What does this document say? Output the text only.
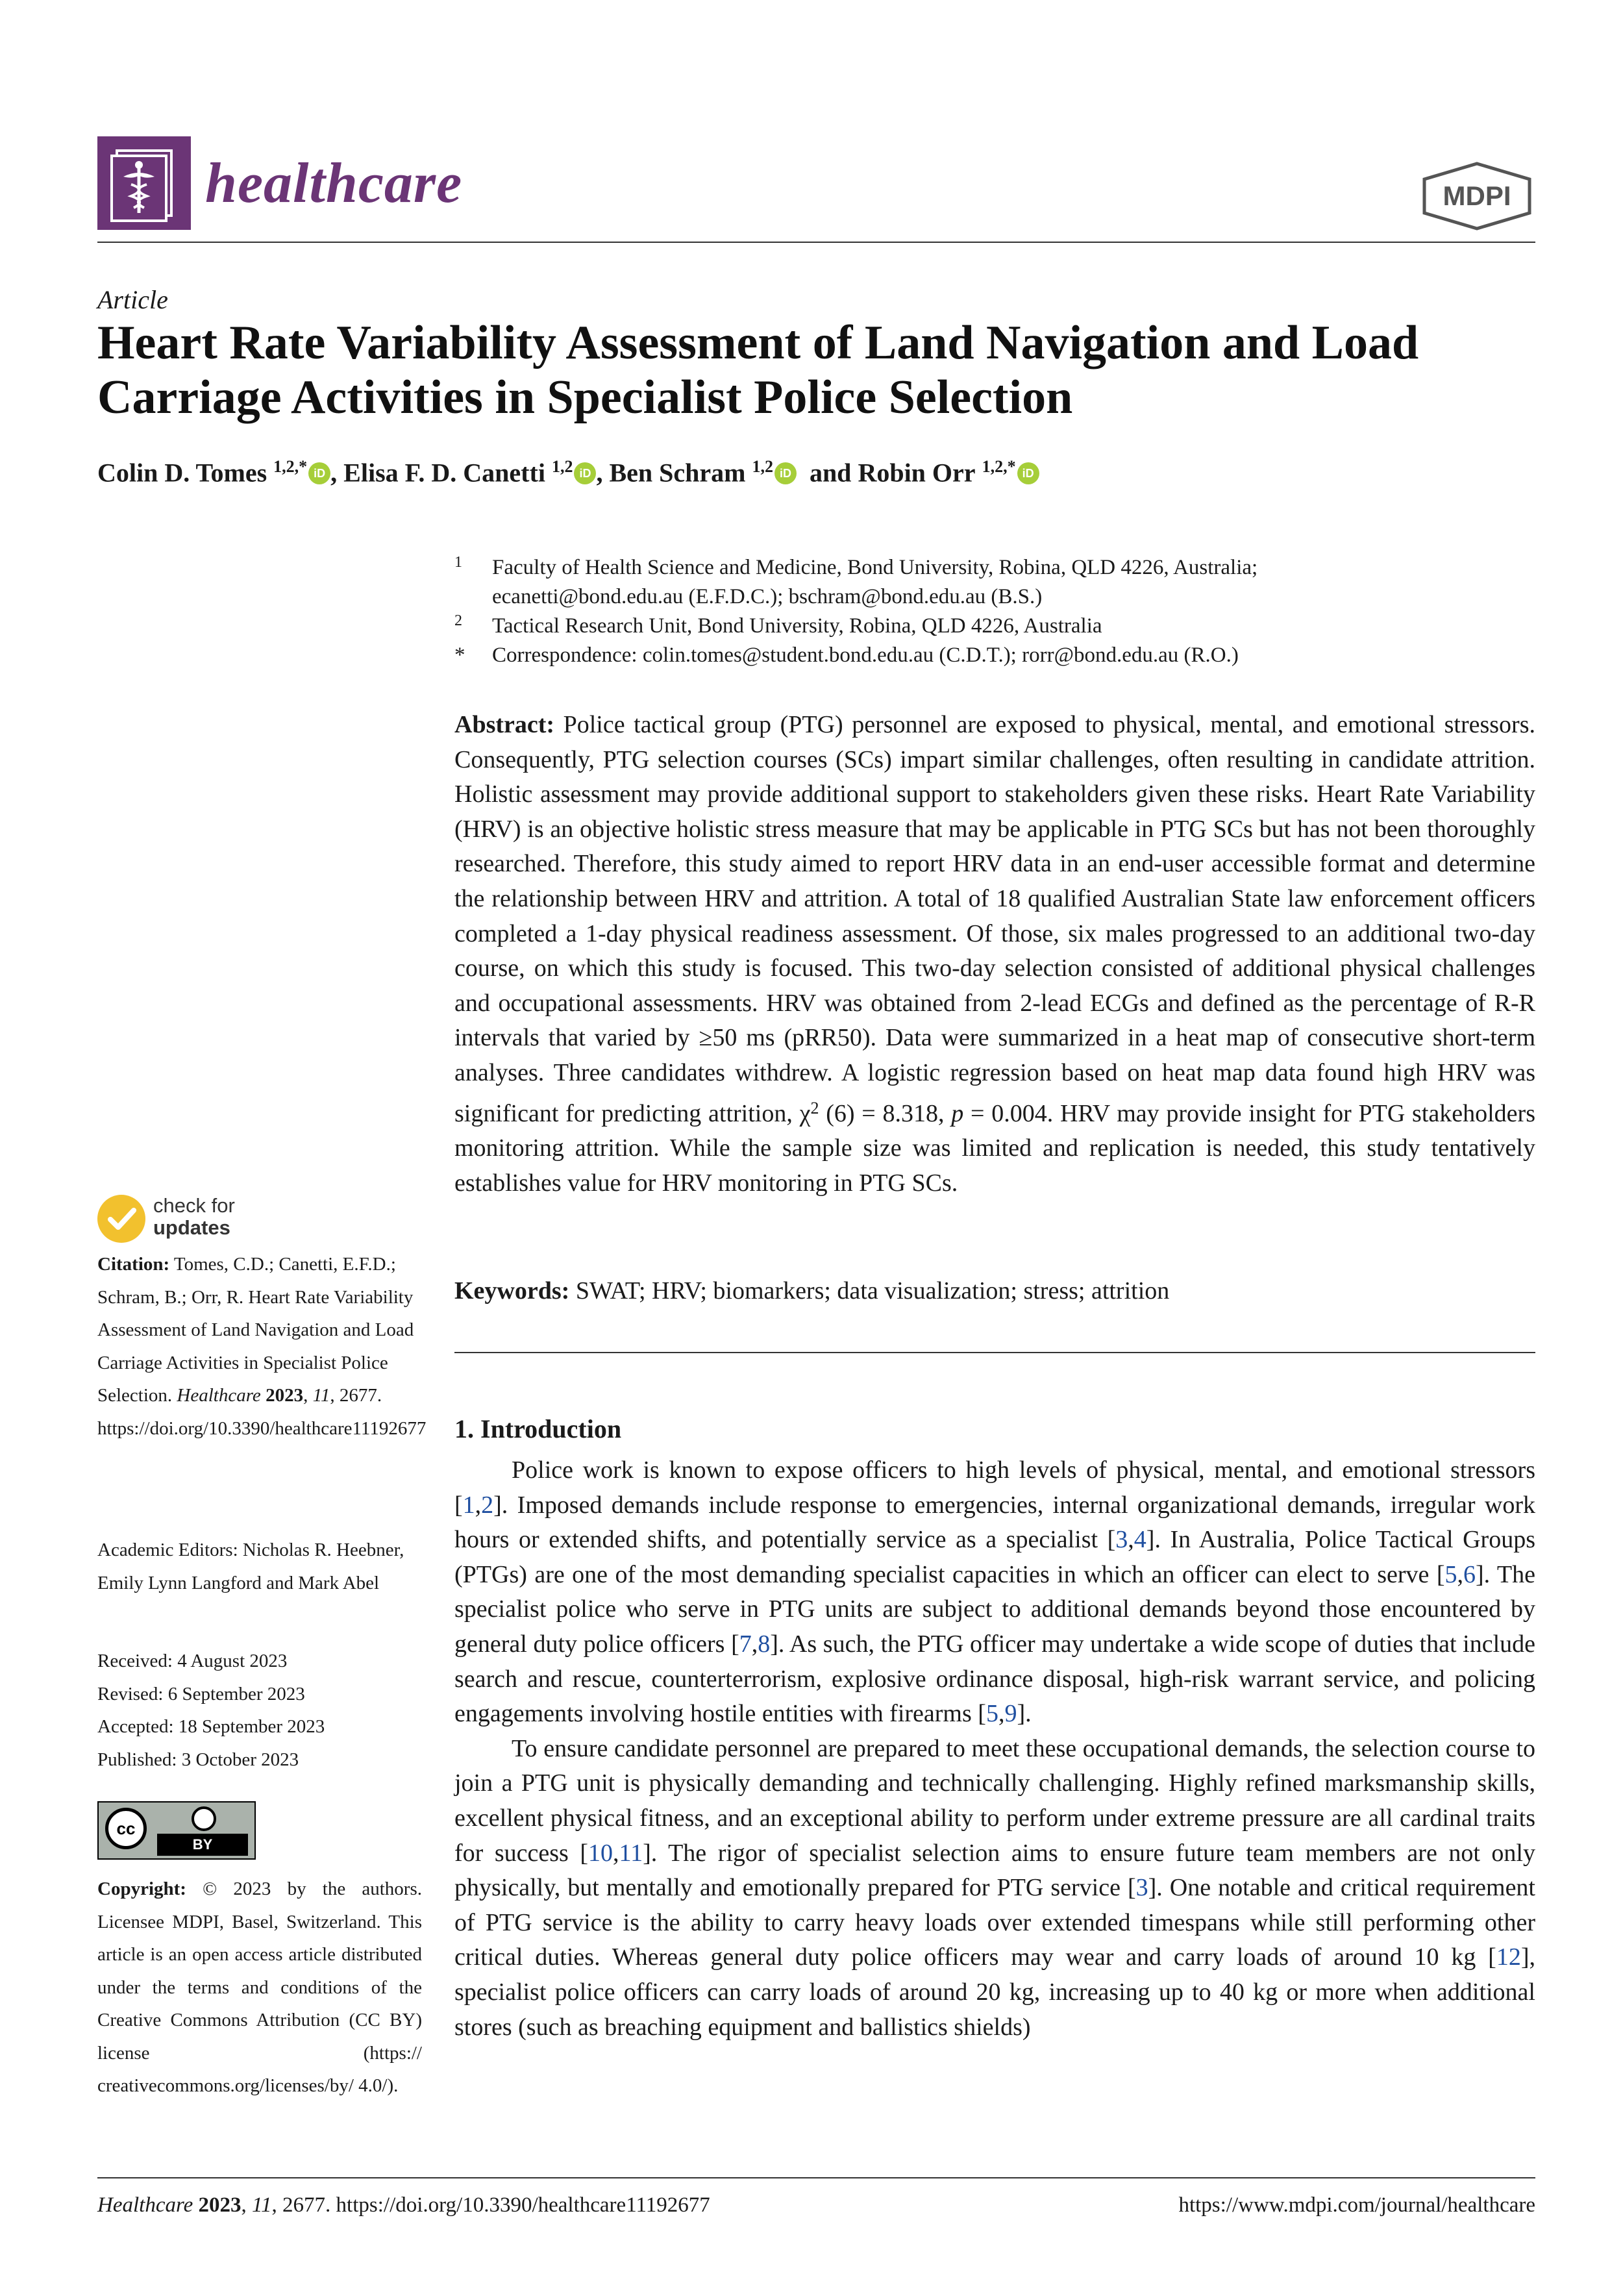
healthcare	MDPI
Article
Heart Rate Variability Assessment of Land Navigation and Load Carriage Activities in Specialist Police Selection
Colin D. Tomes $^{1,2,*}$ iD , Elisa F. D. Canetti $^{1,2}$ iD , Ben Schram $^{1,2}$ iD  and Robin Orr $^{1,2,*}$ iD
1 Faculty of Health Science and Medicine, Bond University, Robina, QLD 4226, Australia;
ecanetti@bond.edu.au (E.F.D.C.); bschram@bond.edu.au (B.S.)
2 Tactical Research Unit, Bond University, Robina, QLD 4226, Australia
* Correspondence: colin.tomes@student.bond.edu.au (C.D.T.); rorr@bond.edu.au (R.O.)
Abstract: Police tactical group (PTG) personnel are exposed to physical, mental, and emotional stressors. Consequently, PTG selection courses (SCs) impart similar challenges, often resulting in candidate attrition. Holistic assessment may provide additional support to stakeholders given these risks. Heart Rate Variability (HRV) is an objective holistic stress measure that may be applicable in PTG SCs but has not been thoroughly researched. Therefore, this study aimed to report HRV data in an end-user accessible format and determine the relationship between HRV and attrition. A total of 18 qualified Australian State law enforcement officers completed a 1-day physical readiness assessment. Of those, six males progressed to an additional two-day course, on which this study is focused. This two-day selection consisted of additional physical challenges and occupational assessments. HRV was obtained from 2-lead ECGs and defined as the percentage of R-R intervals that varied by ≥50 ms (pRR50). Data were summarized in a heat map of consecutive short-term analyses. Three candidates withdrew. A logistic regression based on heat map data found high HRV was significant for predicting attrition, $\chi^2$ (6) = 8.318, p = 0.004. HRV may provide insight for PTG stakeholders monitoring attrition. While the sample size was limited and replication is needed, this study tentatively establishes value for HRV monitoring in PTG SCs.
Keywords: SWAT; HRV; biomarkers; data visualization; stress; attrition
1. Introduction

Police work is known to expose officers to high levels of physical, mental, and emotional stressors [1,2]. Imposed demands include response to emergencies, internal organizational demands, irregular work hours or extended shifts, and potentially service as a specialist [3,4]. In Australia, Police Tactical Groups (PTGs) are one of the most demanding specialist capacities in which an officer can elect to serve [5,6]. The specialist police who serve in PTG units are subject to additional demands beyond those encountered by general duty police officers [7,8]. As such, the PTG officer may undertake a wide scope of duties that include search and rescue, counterterrorism, explosive ordinance disposal, high-risk warrant service, and policing engagements involving hostile entities with firearms [5,9].

To ensure candidate personnel are prepared to meet these occupational demands, the selection course to join a PTG unit is physically demanding and technically challenging. Highly refined marksmanship skills, excellent physical fitness, and an exceptional ability to perform under extreme pressure are all cardinal traits for success [10,11]. The rigor of specialist selection aims to ensure future team members are not only physically, but mentally and emotionally prepared for PTG service [3]. One notable and critical requirement of PTG service is the ability to carry heavy loads over extended timespans while still performing other critical duties. Whereas general duty police officers may wear and carry loads of around 10 kg [12], specialist police officers can carry loads of around 20 kg, increasing up to 40 kg or more when additional stores (such as breaching equipment and ballistics shields)

check for
updates
Citation: Tomes, C.D.; Canetti, E.F.D.; Schram, B.; Orr, R. Heart Rate Variability Assessment of Land Navigation and Load Carriage Activities in Specialist Police Selection. Healthcare 2023, 11, 2677. https://doi.org/10.3390/healthcare11192677
Academic Editors: Nicholas R. Heebner, Emily Lynn Langford and Mark Abel
Received: 4 August 2023
Revised: 6 September 2023
Accepted: 18 September 2023
Published: 3 October 2023
cc
BY
Copyright: © 2023 by the authors. Licensee MDPI, Basel, Switzerland. This article is an open access article distributed under the terms and conditions of the Creative Commons Attribution (CC BY) license (https:// creativecommons.org/licenses/by/ 4.0/).
Healthcare 2023, 11, 2677. https://doi.org/10.3390/healthcare11192677	https://www.mdpi.com/journal/healthcare
